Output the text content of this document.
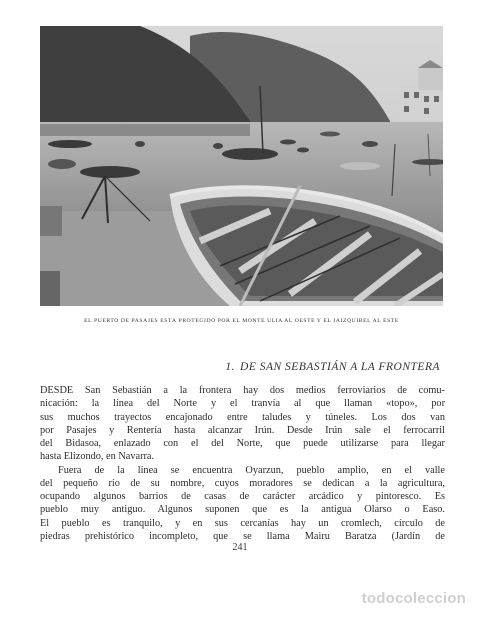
EL PUERTO DE PASAJES ESTÁ PROTEGIDO POR EL MONTE ULÍA AL OESTE Y EL JAIZQUIBEL AL ESTE
1. DE SAN SEBASTIÁN A LA FRONTERA

DESDE San Sebastián a la frontera hay dos medios ferroviarios de comu-

nicación: la línea del Norte y el tranvía al que llaman «topo», por

sus muchos trayectos encajonado entre taludes y túneles. Los dos van

por Pasajes y Rentería hasta alcanzar Irún. Desde Irún sale el ferrocarril

del Bidasoa, enlazado con el del Norte, que puede utilizarse para llegar

hasta Elizondo, en Navarra.

Fuera de la línea se encuentra Oyarzun, pueblo amplio, en el valle

del pequeño río de su nombre, cuyos moradores se dedican a la agricultura,

ocupando algunos barrios de casas de carácter arcádico y pintoresco. Es

pueblo muy antiguo. Algunos suponen que es la antigua Olarso o Easo.

El pueblo es tranquilo, y en sus cercanías hay un cromlech, círculo de

piedras prehistórico incompleto, que se llama Mairu Baratza (Jardín de

241
todocoleccion
